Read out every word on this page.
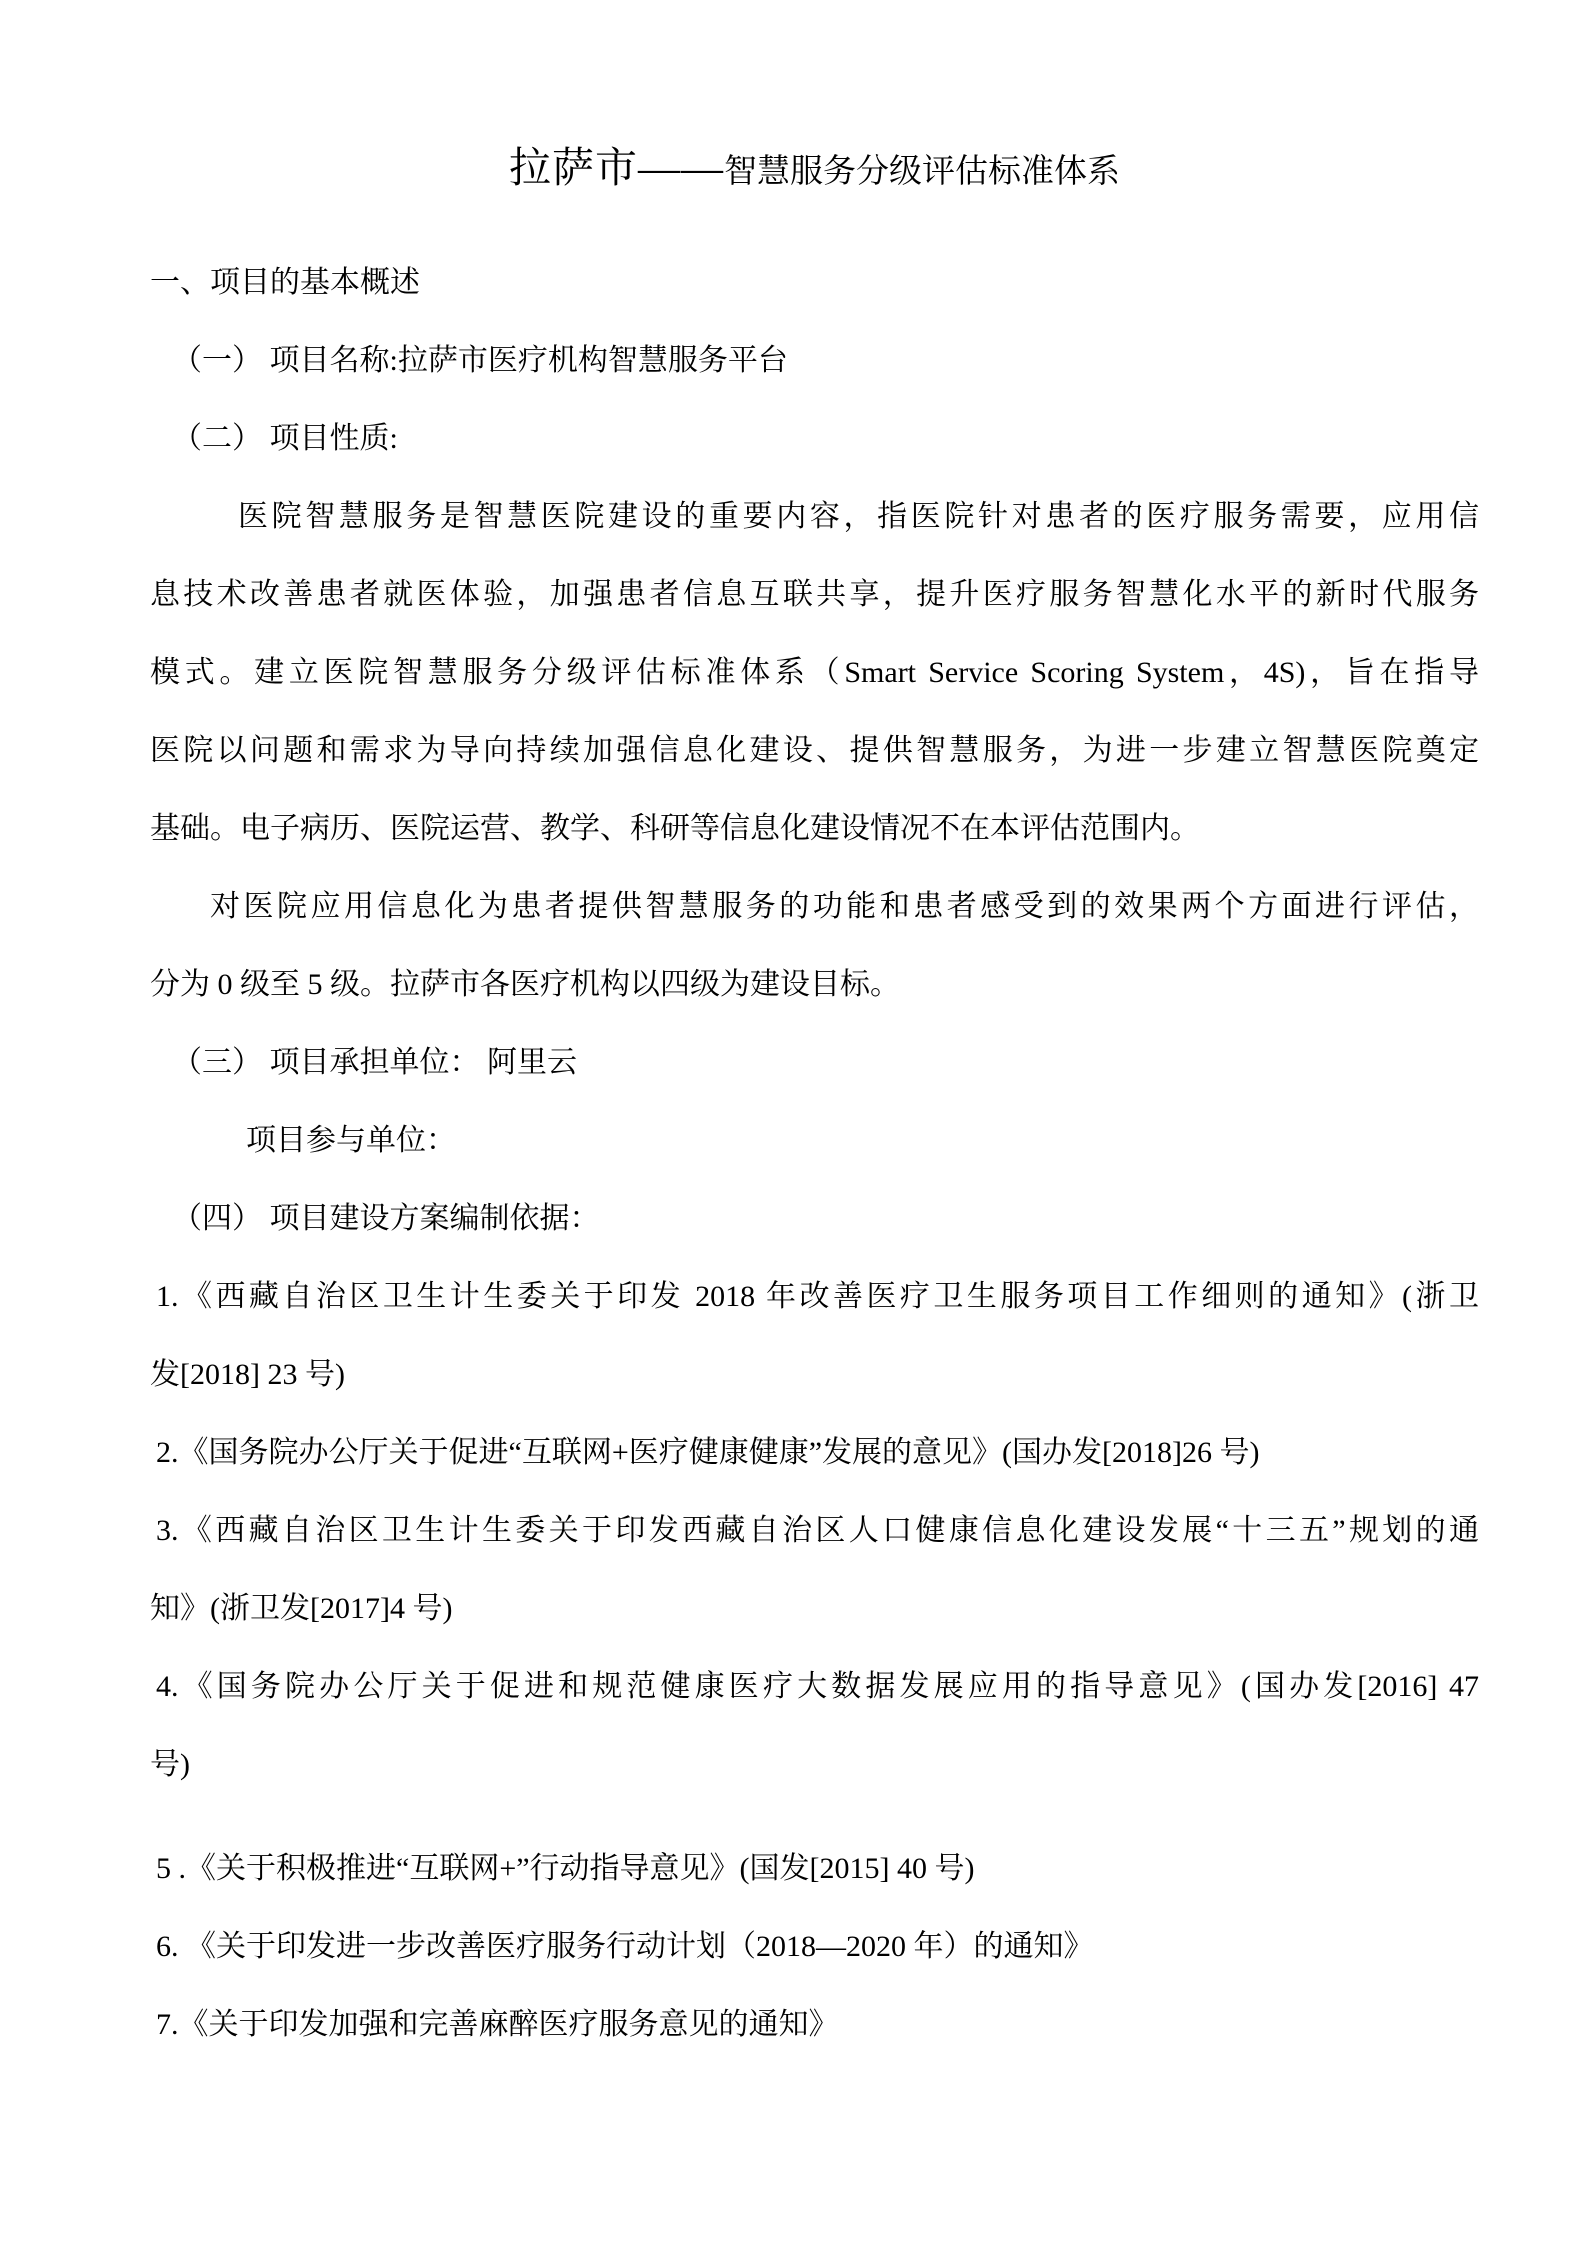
拉萨市——智慧服务分级评估标准体系
一、项目的基本概述
（一） 项目名称:拉萨市医疗机构智慧服务平台
（二） 项目性质:
医院智慧服务是智慧医院建设的重要内容，指医院针对患者的医疗服务需要，应用信
息技术改善患者就医体验，加强患者信息互联共享，提升医疗服务智慧化水平的新时代服务
模式。建立医院智慧服务分级评估标准体系（Smart Service Scoring System，4S)，旨在指导
医院以问题和需求为导向持续加强信息化建设、提供智慧服务，为进一步建立智慧医院奠定
基础。电子病历、医院运营、教学、科研等信息化建设情况不在本评估范围内。
对医院应用信息化为患者提供智慧服务的功能和患者感受到的效果两个方面进行评估，
分为 0 级至 5 级。拉萨市各医疗机构以四级为建设目标。
（三） 项目承担单位： 阿里云
项目参与单位：
（四） 项目建设方案编制依据：
1.《西藏自治区卫生计生委关于印发 2018 年改善医疗卫生服务项目工作细则的通知》(浙卫
发[2018] 23 号)
2.《国务院办公厅关于促进“互联网+医疗健康健康”发展的意见》(国办发[2018]26 号)
3.《西藏自治区卫生计生委关于印发西藏自治区人口健康信息化建设发展“十三五”规划的通
知》(浙卫发[2017]4 号)
4.《国务院办公厅关于促进和规范健康医疗大数据发展应用的指导意见》(国办发[2016] 47
号)
5 .《关于积极推进“互联网+”行动指导意见》(国发[2015] 40 号)
6. 《关于印发进一步改善医疗服务行动计划（2018—2020 年）的通知》
7.《关于印发加强和完善麻醉医疗服务意见的通知》
